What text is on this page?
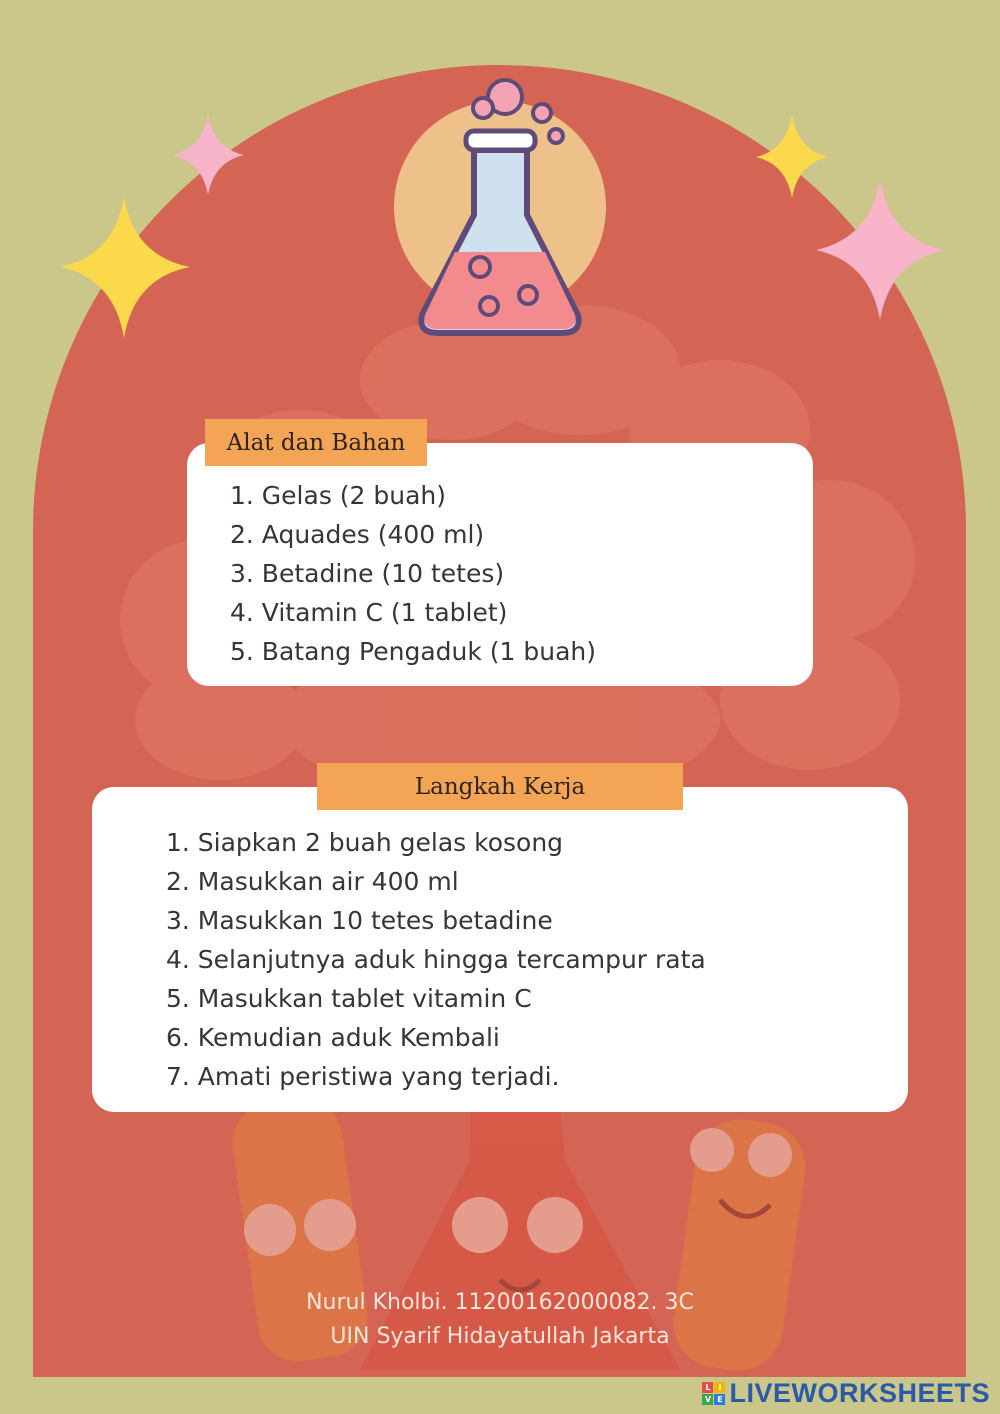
Alat dan Bahan
1. Gelas (2 buah)
2. Aquades (400 ml)
3. Betadine (10 tetes)
4. Vitamin C (1 tablet)
5. Batang Pengaduk (1 buah)
Langkah Kerja
1. Siapkan 2 buah gelas kosong
2. Masukkan air 400 ml
3. Masukkan 10 tetes betadine
4. Selanjutnya aduk hingga tercampur rata
5. Masukkan tablet vitamin C
6. Kemudian aduk Kembali
7. Amati peristiwa yang terjadi.
Nurul Kholbi. 11200162000082. 3C
UIN Syarif Hidayatullah Jakarta
L I
V E LIVEWORKSHEETS
